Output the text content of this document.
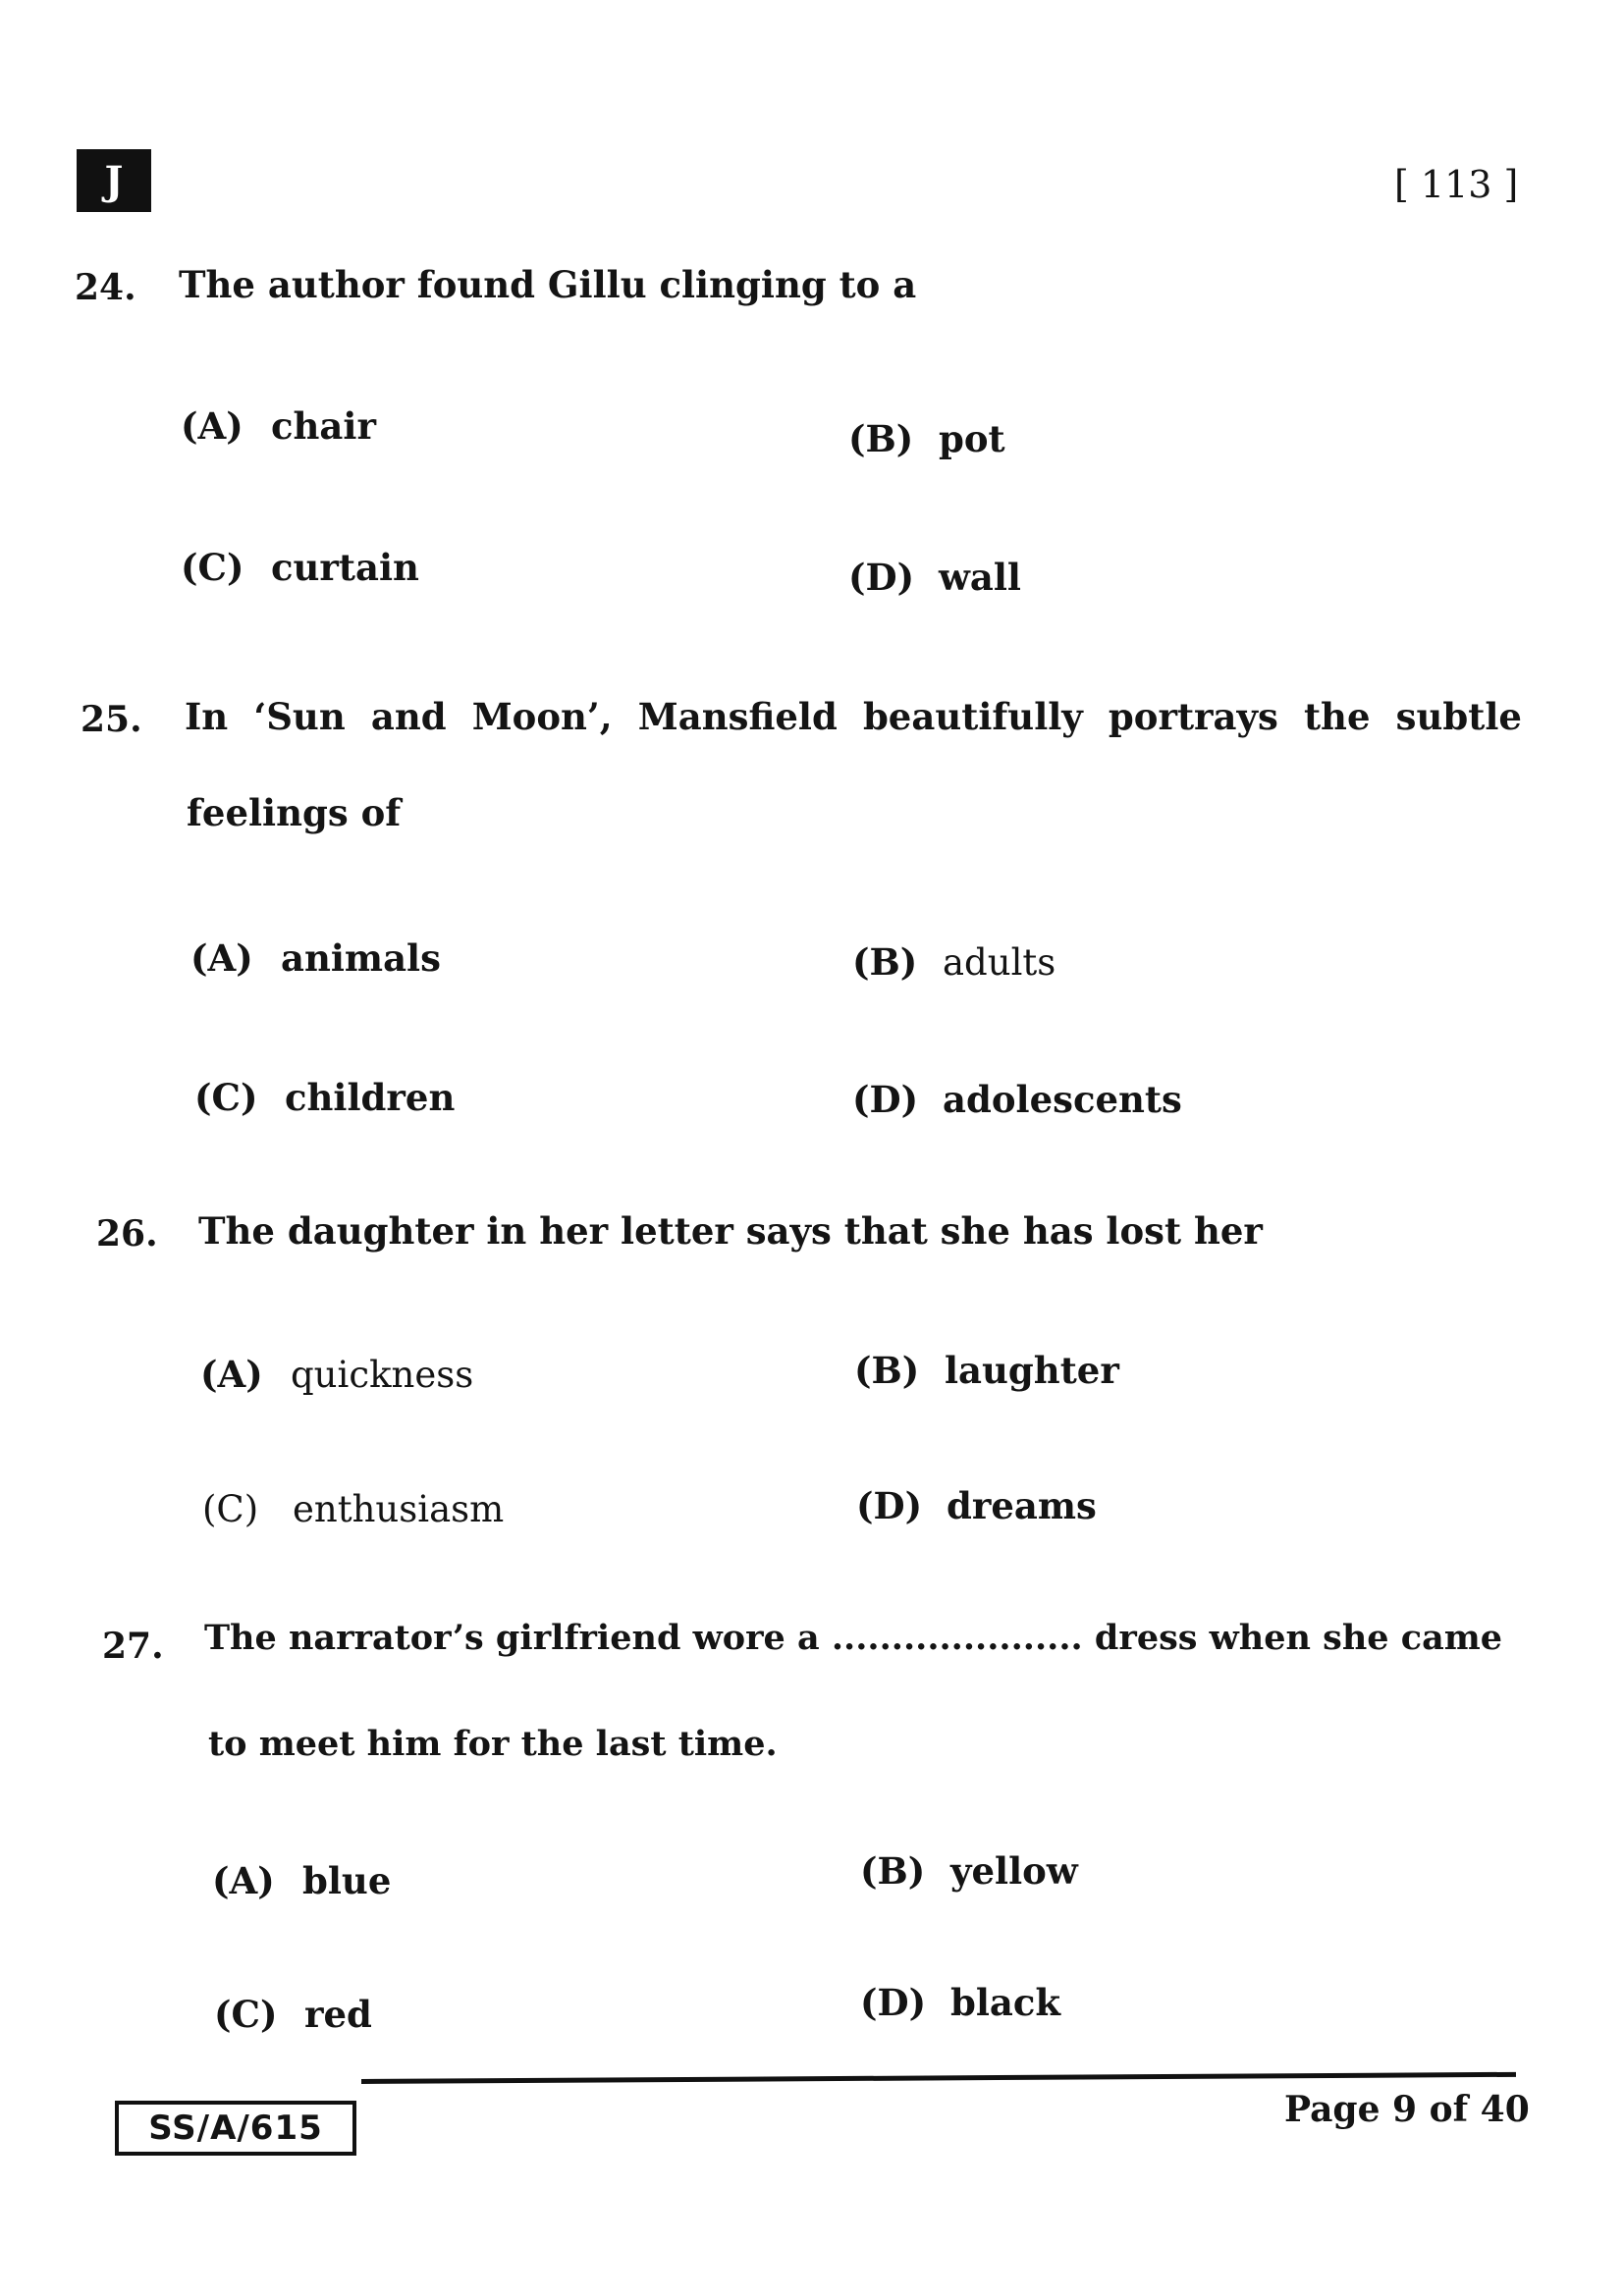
J	[ 113 ]
24. The author found Gillu clinging to a
(A) chair	(B) pot
(C) curtain	(D) wall
25. In ‘Sun and Moon’, Mansfield beautifully portrays the subtle
feelings of
(A) animals	(B) adults
(C) children	(D) adolescents
26. The daughter in her letter says that she has lost her
(A) quickness	(B) laughter
(C) enthusiasm	(D) dreams
27. The narrator’s girlfriend wore a ..................... dress when she came
to meet him for the last time.
(A) blue	(B) yellow
(C) red	(D) black
SS/A/615	Page 9 of 40
